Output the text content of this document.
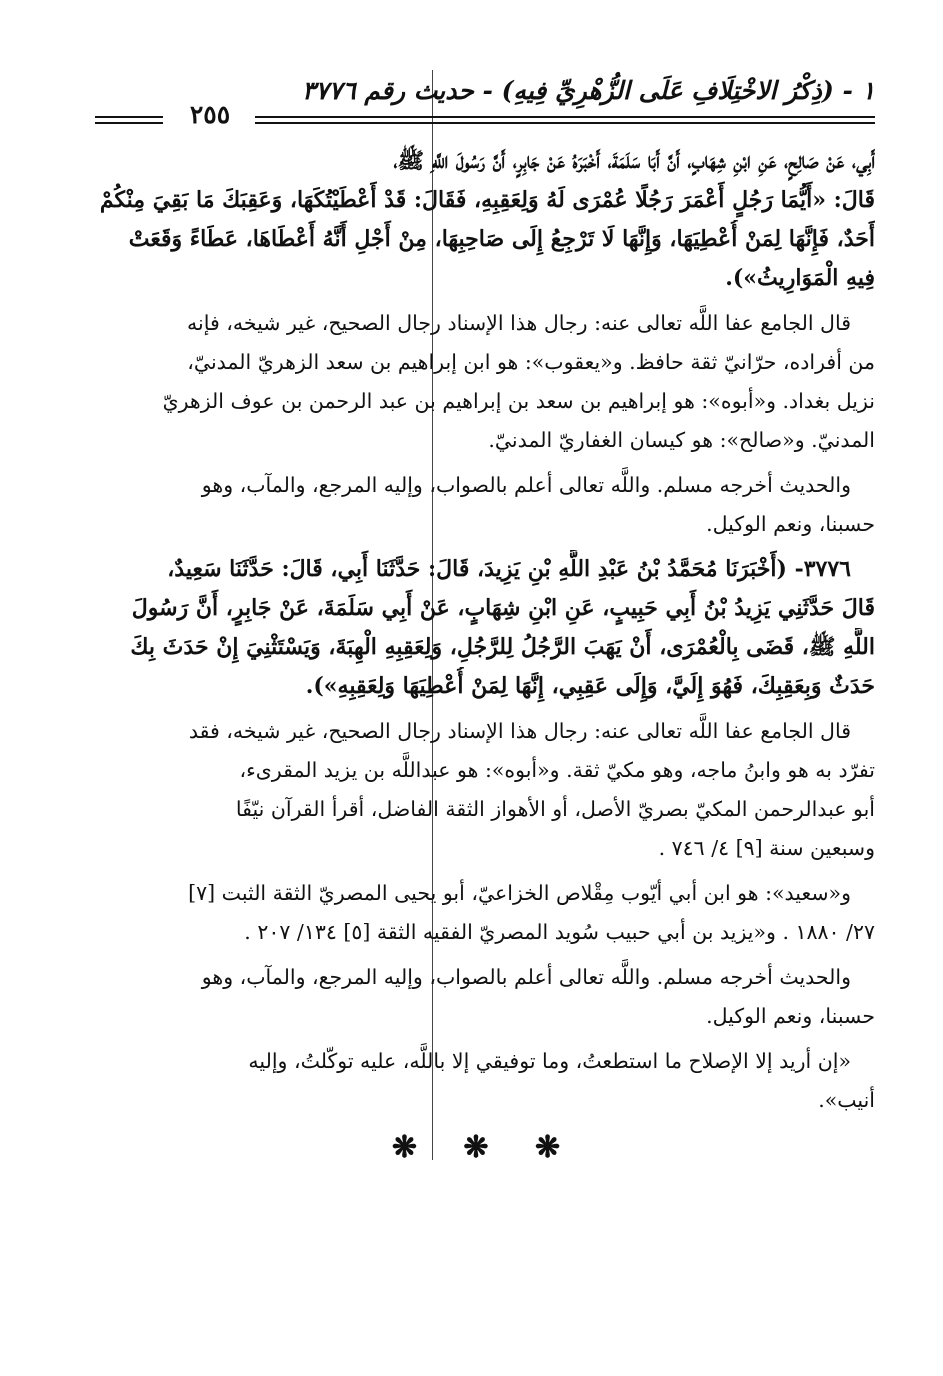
١ - (ذِكْرُ الاخْتِلَافِ عَلَى الزُّهْرِيِّ فِيهِ) - حديث رقم ٣٧٧٦
٢٥٥
أَبِي، عَنْ صَالِحٍ، عَنِ ابْنِ شِهَابٍ، أَنَّ أَبَا سَلَمَةَ، أَخْبَرَهُ عَنْ جَابِرٍ، أَنَّ رَسُولَ اللَّهِ ﷺ،
قَالَ: «أَيُّمَا رَجُلٍ أَعْمَرَ رَجُلًا عُمْرَى لَهُ وَلِعَقِبِهِ، فَقَالَ: قَدْ أَعْطَيْتُكَهَا، وَعَقِبَكَ مَا بَقِيَ مِنْكُمْ
أَحَدٌ، فَإِنَّهَا لِمَنْ أُعْطِيَهَا، وَإِنَّهَا لَا تَرْجِعُ إِلَى صَاحِبِهَا، مِنْ أَجْلِ أَنَّهُ أَعْطَاهَا، عَطَاءً وَقَعَتْ
فِيهِ الْمَوَارِيثُ»).
قال الجامع عفا اللَّه تعالى عنه: رجال هذا الإسناد رجال الصحيح، غير شيخه، فإنه
من أفراده، حرّانيّ ثقة حافظ. و«يعقوب»: هو ابن إبراهيم بن سعد الزهريّ المدنيّ،
نزيل بغداد. و«أبوه»: هو إبراهيم بن سعد بن إبراهيم بن عبد الرحمن بن عوف الزهريّ
المدنيّ. و«صالح»: هو كيسان الغفاريّ المدنيّ.
والحديث أخرجه مسلم. واللَّه تعالى أعلم بالصواب، وإليه المرجع، والمآب، وهو
حسبنا، ونعم الوكيل.
٣٧٧٦- (أَخْبَرَنَا مُحَمَّدُ بْنُ عَبْدِ اللَّهِ بْنِ يَزِيدَ، قَالَ: حَدَّثَنَا أَبِي، قَالَ: حَدَّثَنَا سَعِيدٌ،
قَالَ حَدَّثَنِي يَزِيدُ بْنُ أَبِي حَبِيبٍ، عَنِ ابْنِ شِهَابٍ، عَنْ أَبِي سَلَمَةَ، عَنْ جَابِرٍ، أَنَّ رَسُولَ
اللَّهِ ﷺ، قَضَى بِالْعُمْرَى، أَنْ يَهَبَ الرَّجُلُ لِلرَّجُلِ، وَلِعَقِبِهِ الْهِبَةَ، وَيَسْتَثْنِيَ إِنْ حَدَثَ بِكَ
حَدَثٌ وَبِعَقِبِكَ، فَهُوَ إِلَيَّ، وَإِلَى عَقِبِي، إِنَّهَا لِمَنْ أُعْطِيَهَا وَلِعَقِبِهِ»).
قال الجامع عفا اللَّه تعالى عنه: رجال هذا الإسناد رجال الصحيح، غير شيخه، فقد
تفرّد به هو وابنُ ماجه، وهو مكيّ ثقة. و«أبوه»: هو عبداللَّه بن يزيد المقرىء،
أبو عبدالرحمن المكيّ بصريّ الأصل، أو الأهواز الثقة الفاضل، أقرأ القرآن نيّفًا
وسبعين سنة [٩] ٤/ ٧٤٦ .
و«سعيد»: هو ابن أبي أيّوب مِقْلاص الخزاعيّ، أبو يحيى المصريّ الثقة الثبت [٧]
٢٧/ ١٨٨٠ . و«يزيد بن أبي حبيب سُويد المصريّ الفقيه الثقة [٥] ١٣٤/ ٢٠٧ .
والحديث أخرجه مسلم. واللَّه تعالى أعلم بالصواب، وإليه المرجع، والمآب، وهو
حسبنا، ونعم الوكيل.
«إن أريد إلا الإصلاح ما استطعتُ، وما توفيقي إلا باللَّه، عليه توكّلتُ، وإليه
أنيب».
❋ ❋ ❋
